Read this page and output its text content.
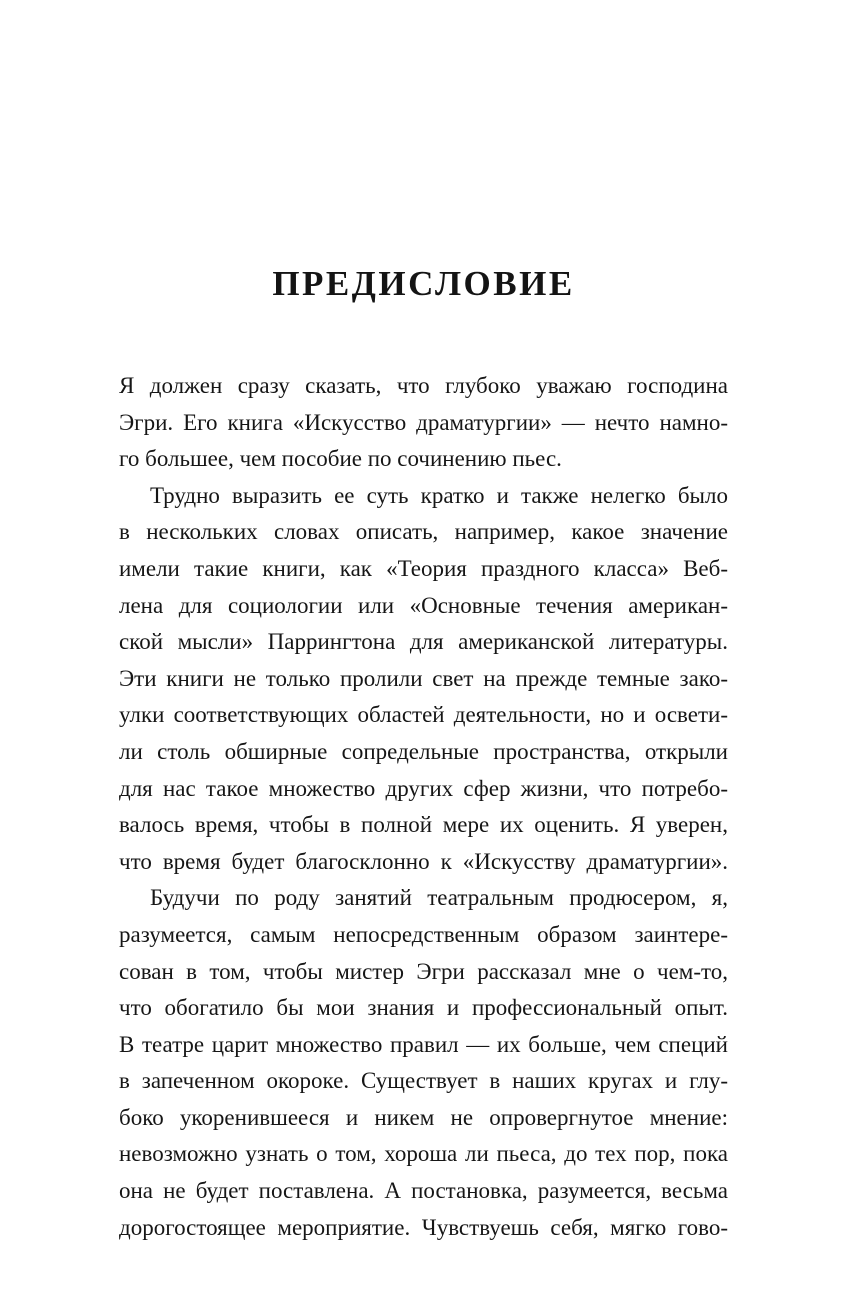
ПРЕДИСЛОВИЕ
Я должен сразу сказать, что глубоко уважаю господина
Эгри. Его книга «Искусство драматургии» — нечто намно-
го большее, чем пособие по сочинению пьес.
Трудно выразить ее суть кратко и также нелегко было
в нескольких словах описать, например, какое значение
имели такие книги, как «Теория праздного класса» Веб-
лена для социологии или «Основные течения американ-
ской мысли» Паррингтона для американской литературы.
Эти книги не только пролили свет на прежде темные зако-
улки соответствующих областей деятельности, но и освети-
ли столь обширные сопредельные пространства, открыли
для нас такое множество других сфер жизни, что потребо-
валось время, чтобы в полной мере их оценить. Я уверен,
что время будет благосклонно к «Искусству драматургии».
Будучи по роду занятий театральным продюсером, я,
разумеется, самым непосредственным образом заинтере-
сован в том, чтобы мистер Эгри рассказал мне о чем-то,
что обогатило бы мои знания и профессиональный опыт.
В театре царит множество правил — их больше, чем специй
в запеченном окороке. Существует в наших кругах и глу-
боко укоренившееся и никем не опровергнутое мнение:
невозможно узнать о том, хороша ли пьеса, до тех пор, пока
она не будет поставлена. А постановка, разумеется, весьма
дорогостоящее мероприятие. Чувствуешь себя, мягко гово-
